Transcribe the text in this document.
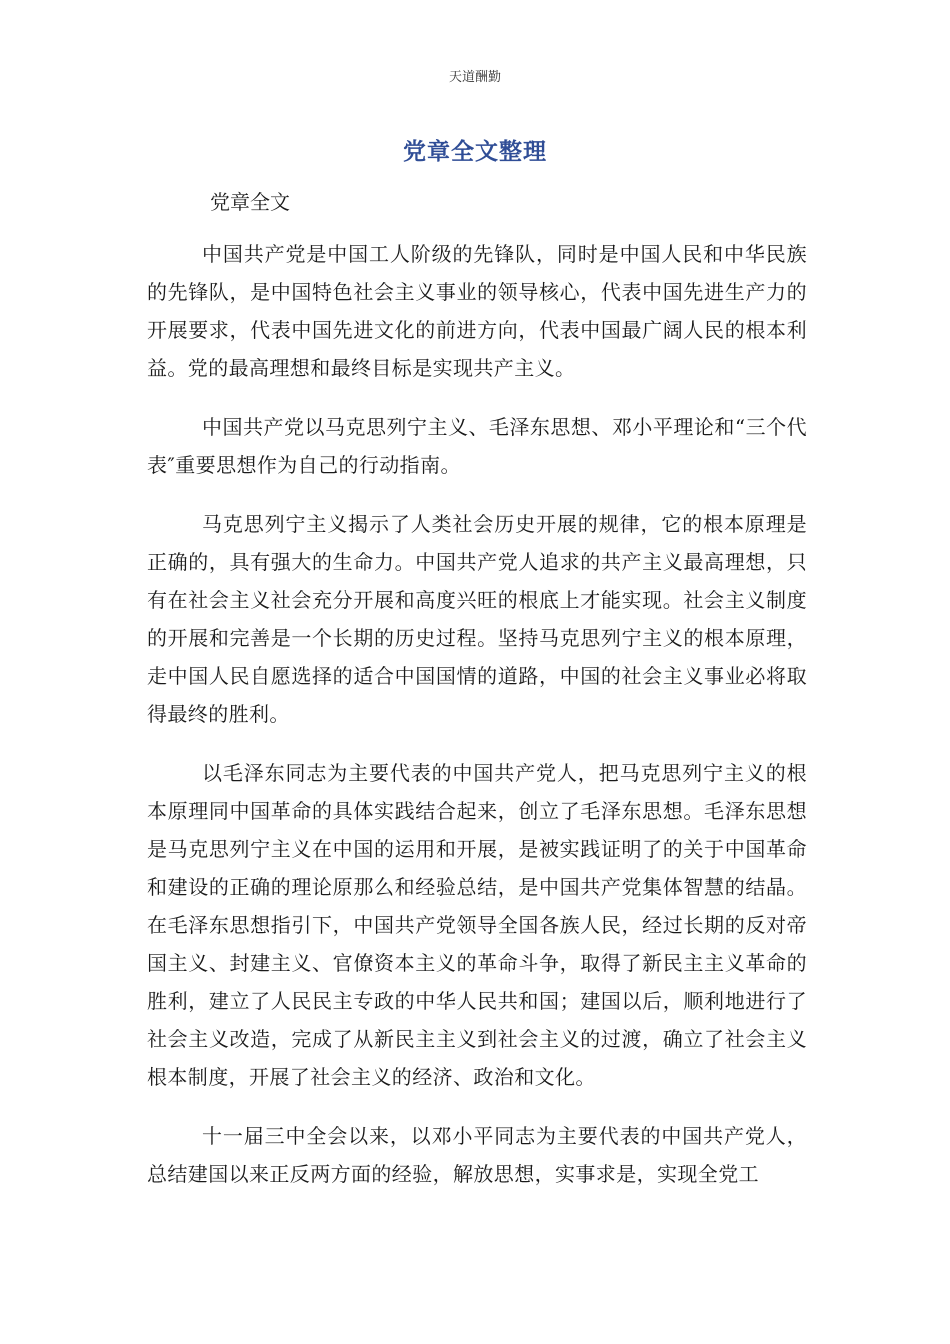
天道酬勤
党章全文整理
党章全文

中国共产党是中国工人阶级的先锋队，同时是中国人民和中华民族的先锋队，是中国特色社会主义事业的领导核心，代表中国先进生产力的开展要求，代表中国先进文化的前进方向，代表中国最广阔人民的根本利益。党的最高理想和最终目标是实现共产主义。

中国共产党以马克思列宁主义、毛泽东思想、邓小平理论和“三个代表″重要思想作为自己的行动指南。

马克思列宁主义揭示了人类社会历史开展的规律，它的根本原理是正确的，具有强大的生命力。中国共产党人追求的共产主义最高理想，只有在社会主义社会充分开展和高度兴旺的根底上才能实现。社会主义制度的开展和完善是一个长期的历史过程。坚持马克思列宁主义的根本原理，走中国人民自愿选择的适合中国国情的道路，中国的社会主义事业必将取得最终的胜利。

以毛泽东同志为主要代表的中国共产党人，把马克思列宁主义的根本原理同中国革命的具体实践结合起来，创立了毛泽东思想。毛泽东思想是马克思列宁主义在中国的运用和开展，是被实践证明了的关于中国革命和建设的正确的理论原那么和经验总结，是中国共产党集体智慧的结晶。在毛泽东思想指引下，中国共产党领导全国各族人民，经过长期的反对帝国主义、封建主义、官僚资本主义的革命斗争，取得了新民主主义革命的胜利，建立了人民民主专政的中华人民共和国；建国以后，顺利地进行了社会主义改造，完成了从新民主主义到社会主义的过渡，确立了社会主义根本制度，开展了社会主义的经济、政治和文化。

十一届三中全会以来，以邓小平同志为主要代表的中国共产党人，总结建国以来正反两方面的经验，解放思想，实事求是，实现全党工
